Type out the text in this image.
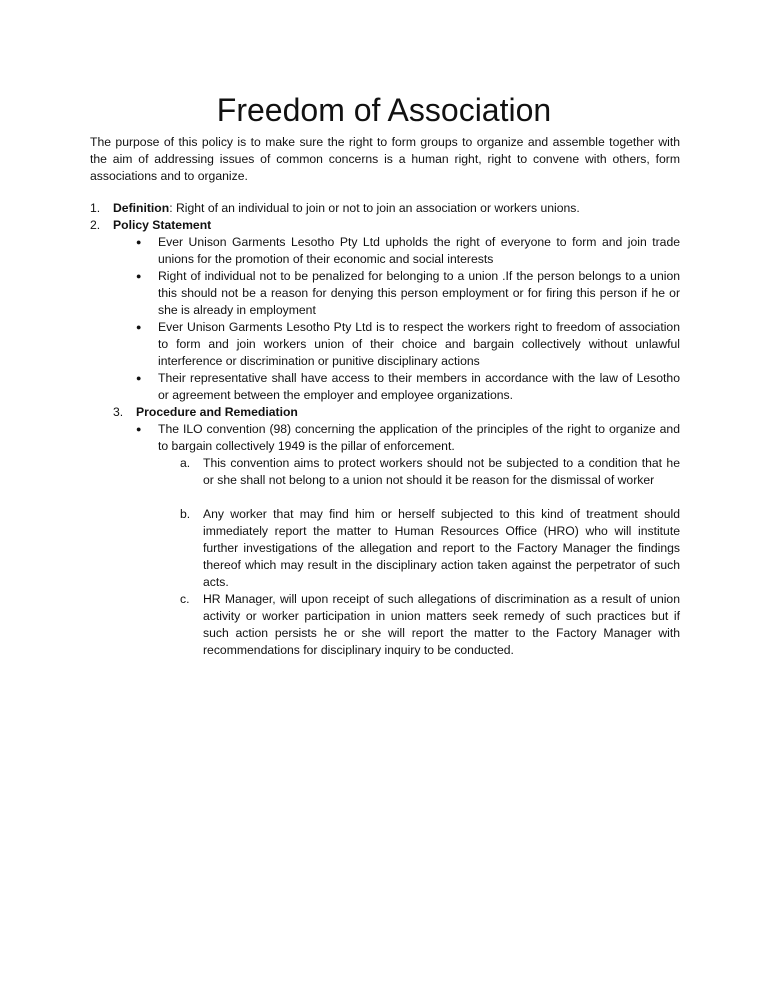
Freedom of Association

The purpose of this policy is to make sure the right to form groups to organize and assemble together with the aim of addressing issues of common concerns is a human right, right to convene with others, form associations and to organize.

1. Definition: Right of an individual to join or not to join an association or workers unions.
2. Policy Statement
● Ever Unison Garments Lesotho Pty Ltd upholds the right of everyone to form and join trade unions for the promotion of their economic and social interests
● Right of individual not to be penalized for belonging to a union .If the person belongs to a union this should not be a reason for denying this person employment or for firing this person if he or she is already in employment
● Ever Unison Garments Lesotho Pty Ltd is to respect the workers right to freedom of association to form and join workers union of their choice and bargain collectively without unlawful interference or discrimination or punitive disciplinary actions
● Their representative shall have access to their members in accordance with the law of Lesotho or agreement between the employer and employee organizations.
3. Procedure and Remediation
● The ILO convention (98) concerning the application of the principles of the right to organize and to bargain collectively 1949 is the pillar of enforcement.
a. This convention aims to protect workers should not be subjected to a condition that he or she shall not belong to a union not should it be reason for the dismissal of worker
b. Any worker that may find him or herself subjected to this kind of treatment should immediately report the matter to Human Resources Office (HRO) who will institute further investigations of the allegation and report to the Factory Manager the findings thereof which may result in the disciplinary action taken against the perpetrator of such acts.
c. HR Manager, will upon receipt of such allegations of discrimination as a result of union activity or worker participation in union matters seek remedy of such practices but if such action persists he or she will report the matter to the Factory Manager with recommendations for disciplinary inquiry to be conducted.
